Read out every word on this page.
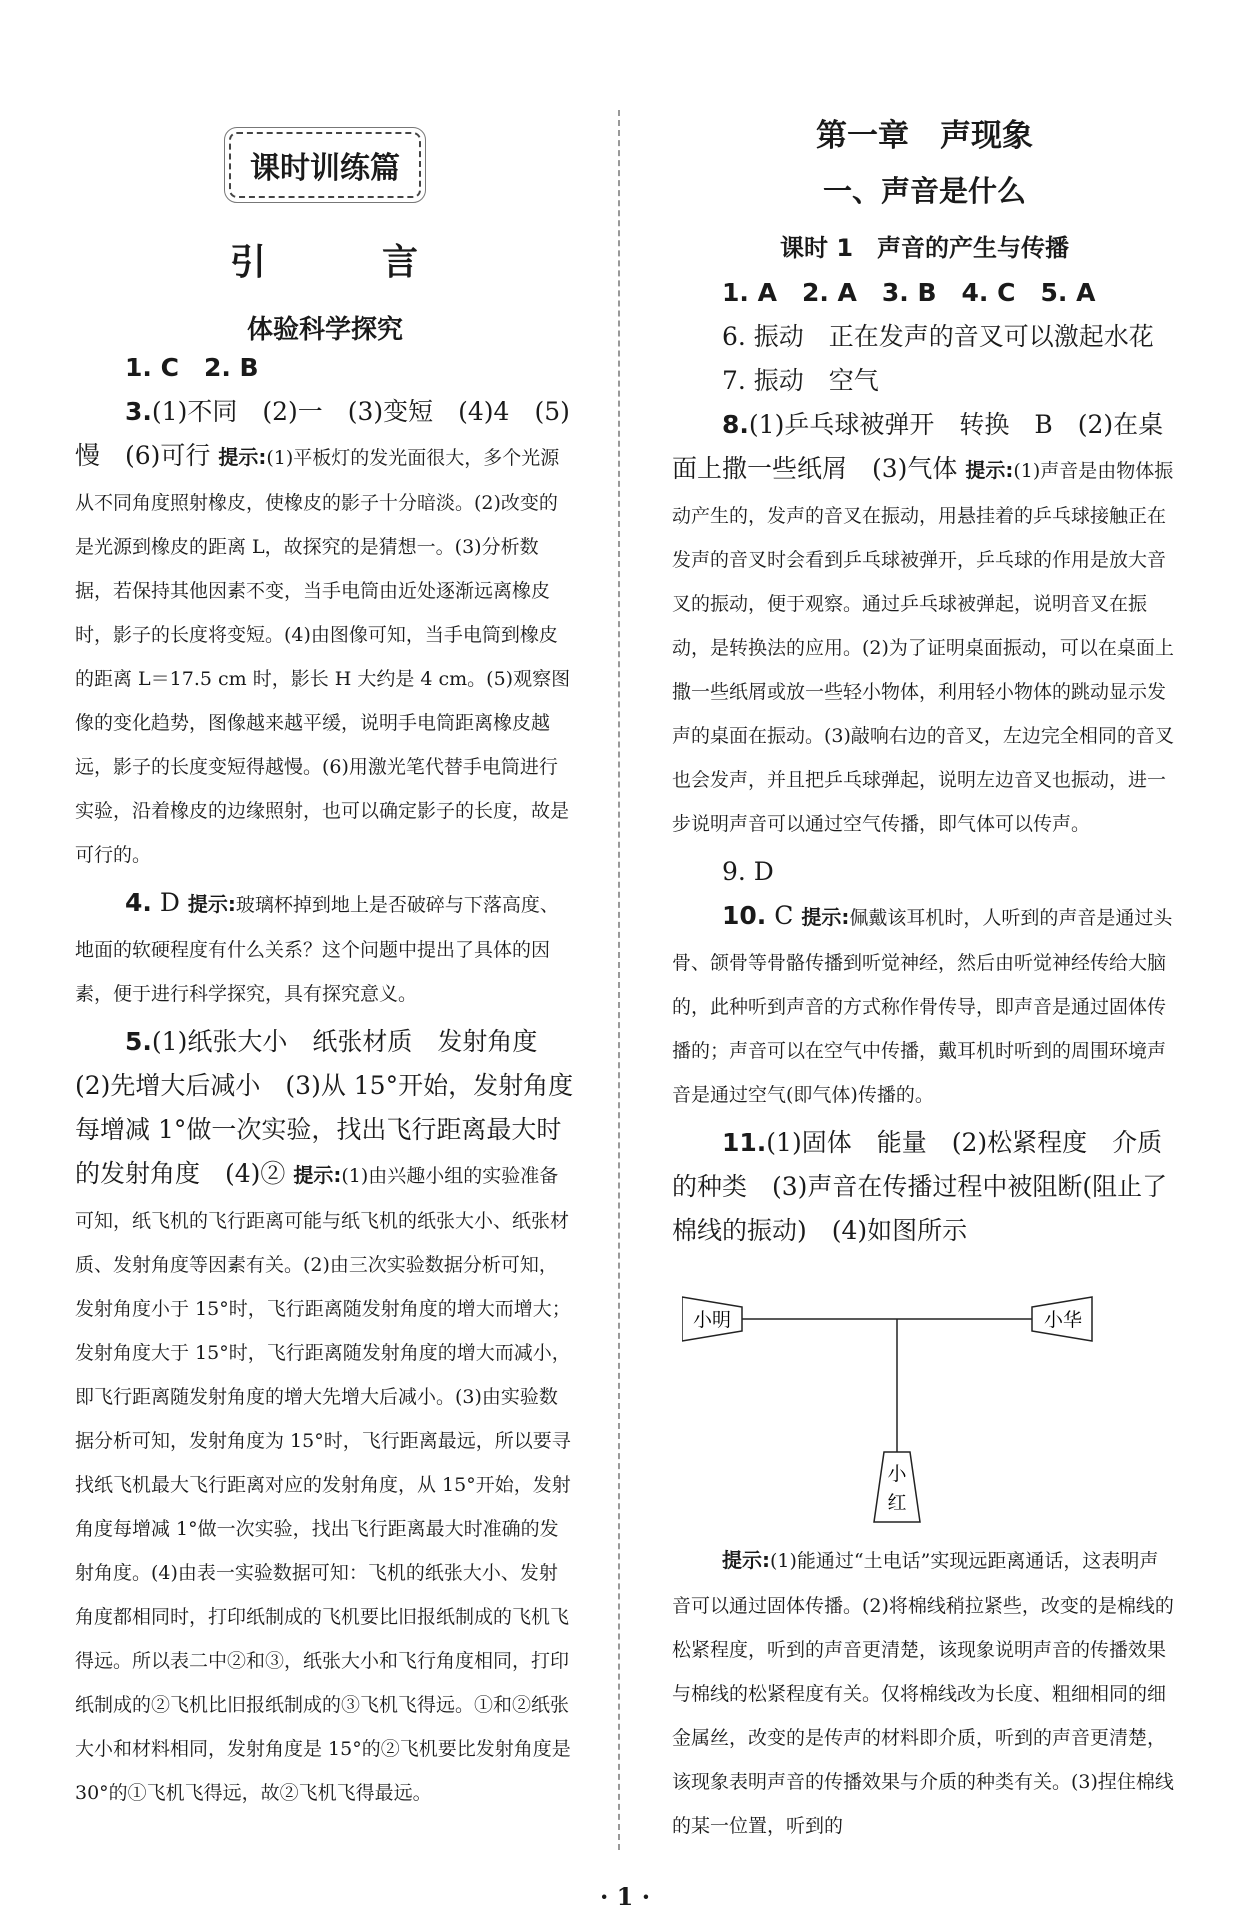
课时训练篇
引　言
体验科学探究

1. C　2. B

3.(1)不同　(2)一　(3)变短　(4)4　(5)慢　(6)可行 提示:(1)平板灯的发光面很大，多个光源从不同角度照射橡皮，使橡皮的影子十分暗淡。(2)改变的是光源到橡皮的距离 L，故探究的是猜想一。(3)分析数据，若保持其他因素不变，当手电筒由近处逐渐远离橡皮时，影子的长度将变短。(4)由图像可知，当手电筒到橡皮的距离 L＝17.5 cm 时，影长 H 大约是 4 cm。(5)观察图像的变化趋势，图像越来越平缓，说明手电筒距离橡皮越远，影子的长度变短得越慢。(6)用激光笔代替手电筒进行实验，沿着橡皮的边缘照射，也可以确定影子的长度，故是可行的。

4. D 提示:玻璃杯掉到地上是否破碎与下落高度、地面的软硬程度有什么关系？这个问题中提出了具体的因素，便于进行科学探究，具有探究意义。

5.(1)纸张大小　纸张材质　发射角度　(2)先增大后减小　(3)从 15°开始，发射角度每增减 1°做一次实验，找出飞行距离最大时的发射角度　(4)② 提示:(1)由兴趣小组的实验准备可知，纸飞机的飞行距离可能与纸飞机的纸张大小、纸张材质、发射角度等因素有关。(2)由三次实验数据分析可知，发射角度小于 15°时，飞行距离随发射角度的增大而增大；发射角度大于 15°时，飞行距离随发射角度的增大而减小，即飞行距离随发射角度的增大先增大后减小。(3)由实验数据分析可知，发射角度为 15°时，飞行距离最远，所以要寻找纸飞机最大飞行距离对应的发射角度，从 15°开始，发射角度每增减 1°做一次实验，找出飞行距离最大时准确的发射角度。(4)由表一实验数据可知：飞机的纸张大小、发射角度都相同时，打印纸制成的飞机要比旧报纸制成的飞机飞得远。所以表二中②和③，纸张大小和飞行角度相同，打印纸制成的②飞机比旧报纸制成的③飞机飞得远。①和②纸张大小和材料相同，发射角度是 15°的②飞机要比发射角度是 30°的①飞机飞得远，故②飞机飞得最远。

第一章　声现象
一、声音是什么
课时 1　声音的产生与传播

1. A　2. A　3. B　4. C　5. A

6. 振动　正在发声的音叉可以激起水花

7. 振动　空气

8.(1)乒乓球被弹开　转换　B　(2)在桌面上撒一些纸屑　(3)气体 提示:(1)声音是由物体振动产生的，发声的音叉在振动，用悬挂着的乒乓球接触正在发声的音叉时会看到乒乓球被弹开，乒乓球的作用是放大音叉的振动，便于观察。通过乒乓球被弹起，说明音叉在振动，是转换法的应用。(2)为了证明桌面振动，可以在桌面上撒一些纸屑或放一些轻小物体，利用轻小物体的跳动显示发声的桌面在振动。(3)敲响右边的音叉，左边完全相同的音叉也会发声，并且把乒乓球弹起，说明左边音叉也振动，进一步说明声音可以通过空气传播，即气体可以传声。

9. D

10. C 提示:佩戴该耳机时，人听到的声音是通过头骨、颌骨等骨骼传播到听觉神经，然后由听觉神经传给大脑的，此种听到声音的方式称作骨传导，即声音是通过固体传播的；声音可以在空气中传播，戴耳机时听到的周围环境声音是通过空气(即气体)传播的。

11.(1)固体　能量　(2)松紧程度　介质的种类　(3)声音在传播过程中被阻断(阻止了棉线的振动)　(4)如图所示

小明	小华
小
红

提示:(1)能通过“土电话”实现远距离通话，这表明声音可以通过固体传播。(2)将棉线稍拉紧些，改变的是棉线的松紧程度，听到的声音更清楚，该现象说明声音的传播效果与棉线的松紧程度有关。仅将棉线改为长度、粗细相同的细金属丝，改变的是传声的材料即介质，听到的声音更清楚，该现象表明声音的传播效果与介质的种类有关。(3)捏住棉线的某一位置，听到的

· 1 ·
